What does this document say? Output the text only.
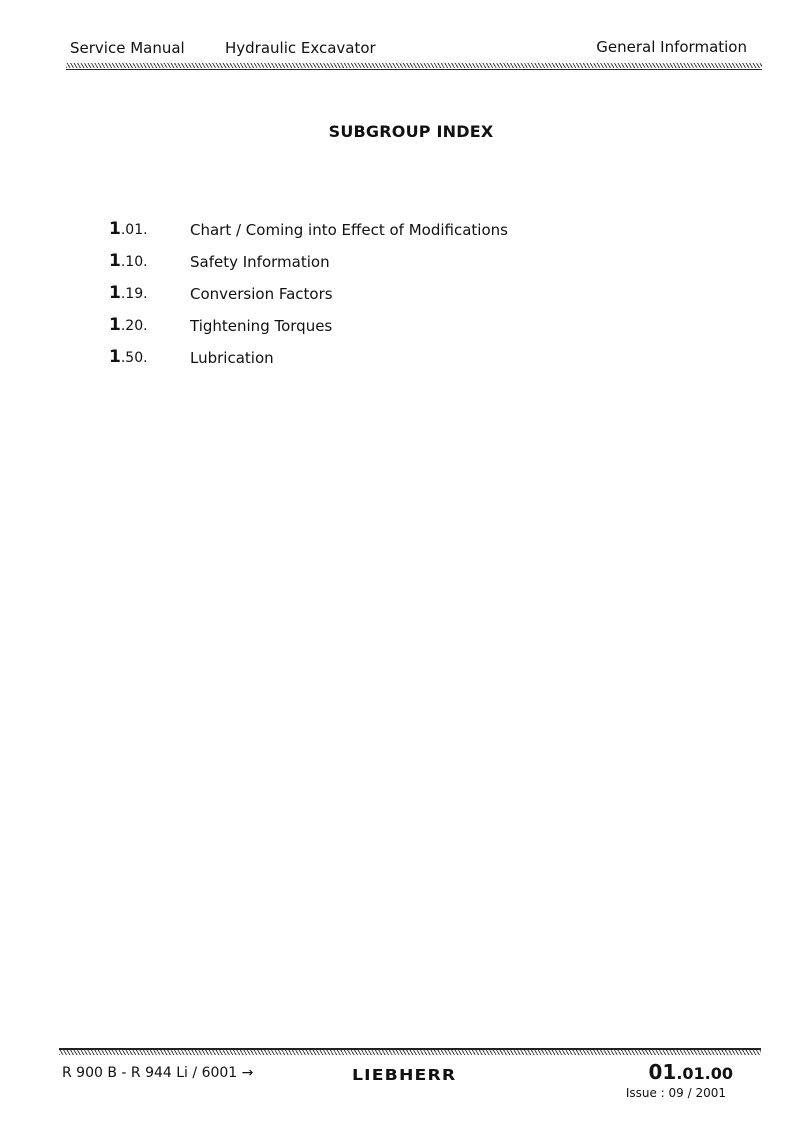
Service Manual	Hydraulic Excavator	General Information
SUBGROUP INDEX
1.01.	Chart / Coming into Effect of Modifications
1.10.	Safety Information
1.19.	Conversion Factors
1.20.	Tightening Torques
1.50.	Lubrication
R 900 B - R 944 Li / 6001 →	LIEBHERR	01.01.00
Issue : 09 / 2001
